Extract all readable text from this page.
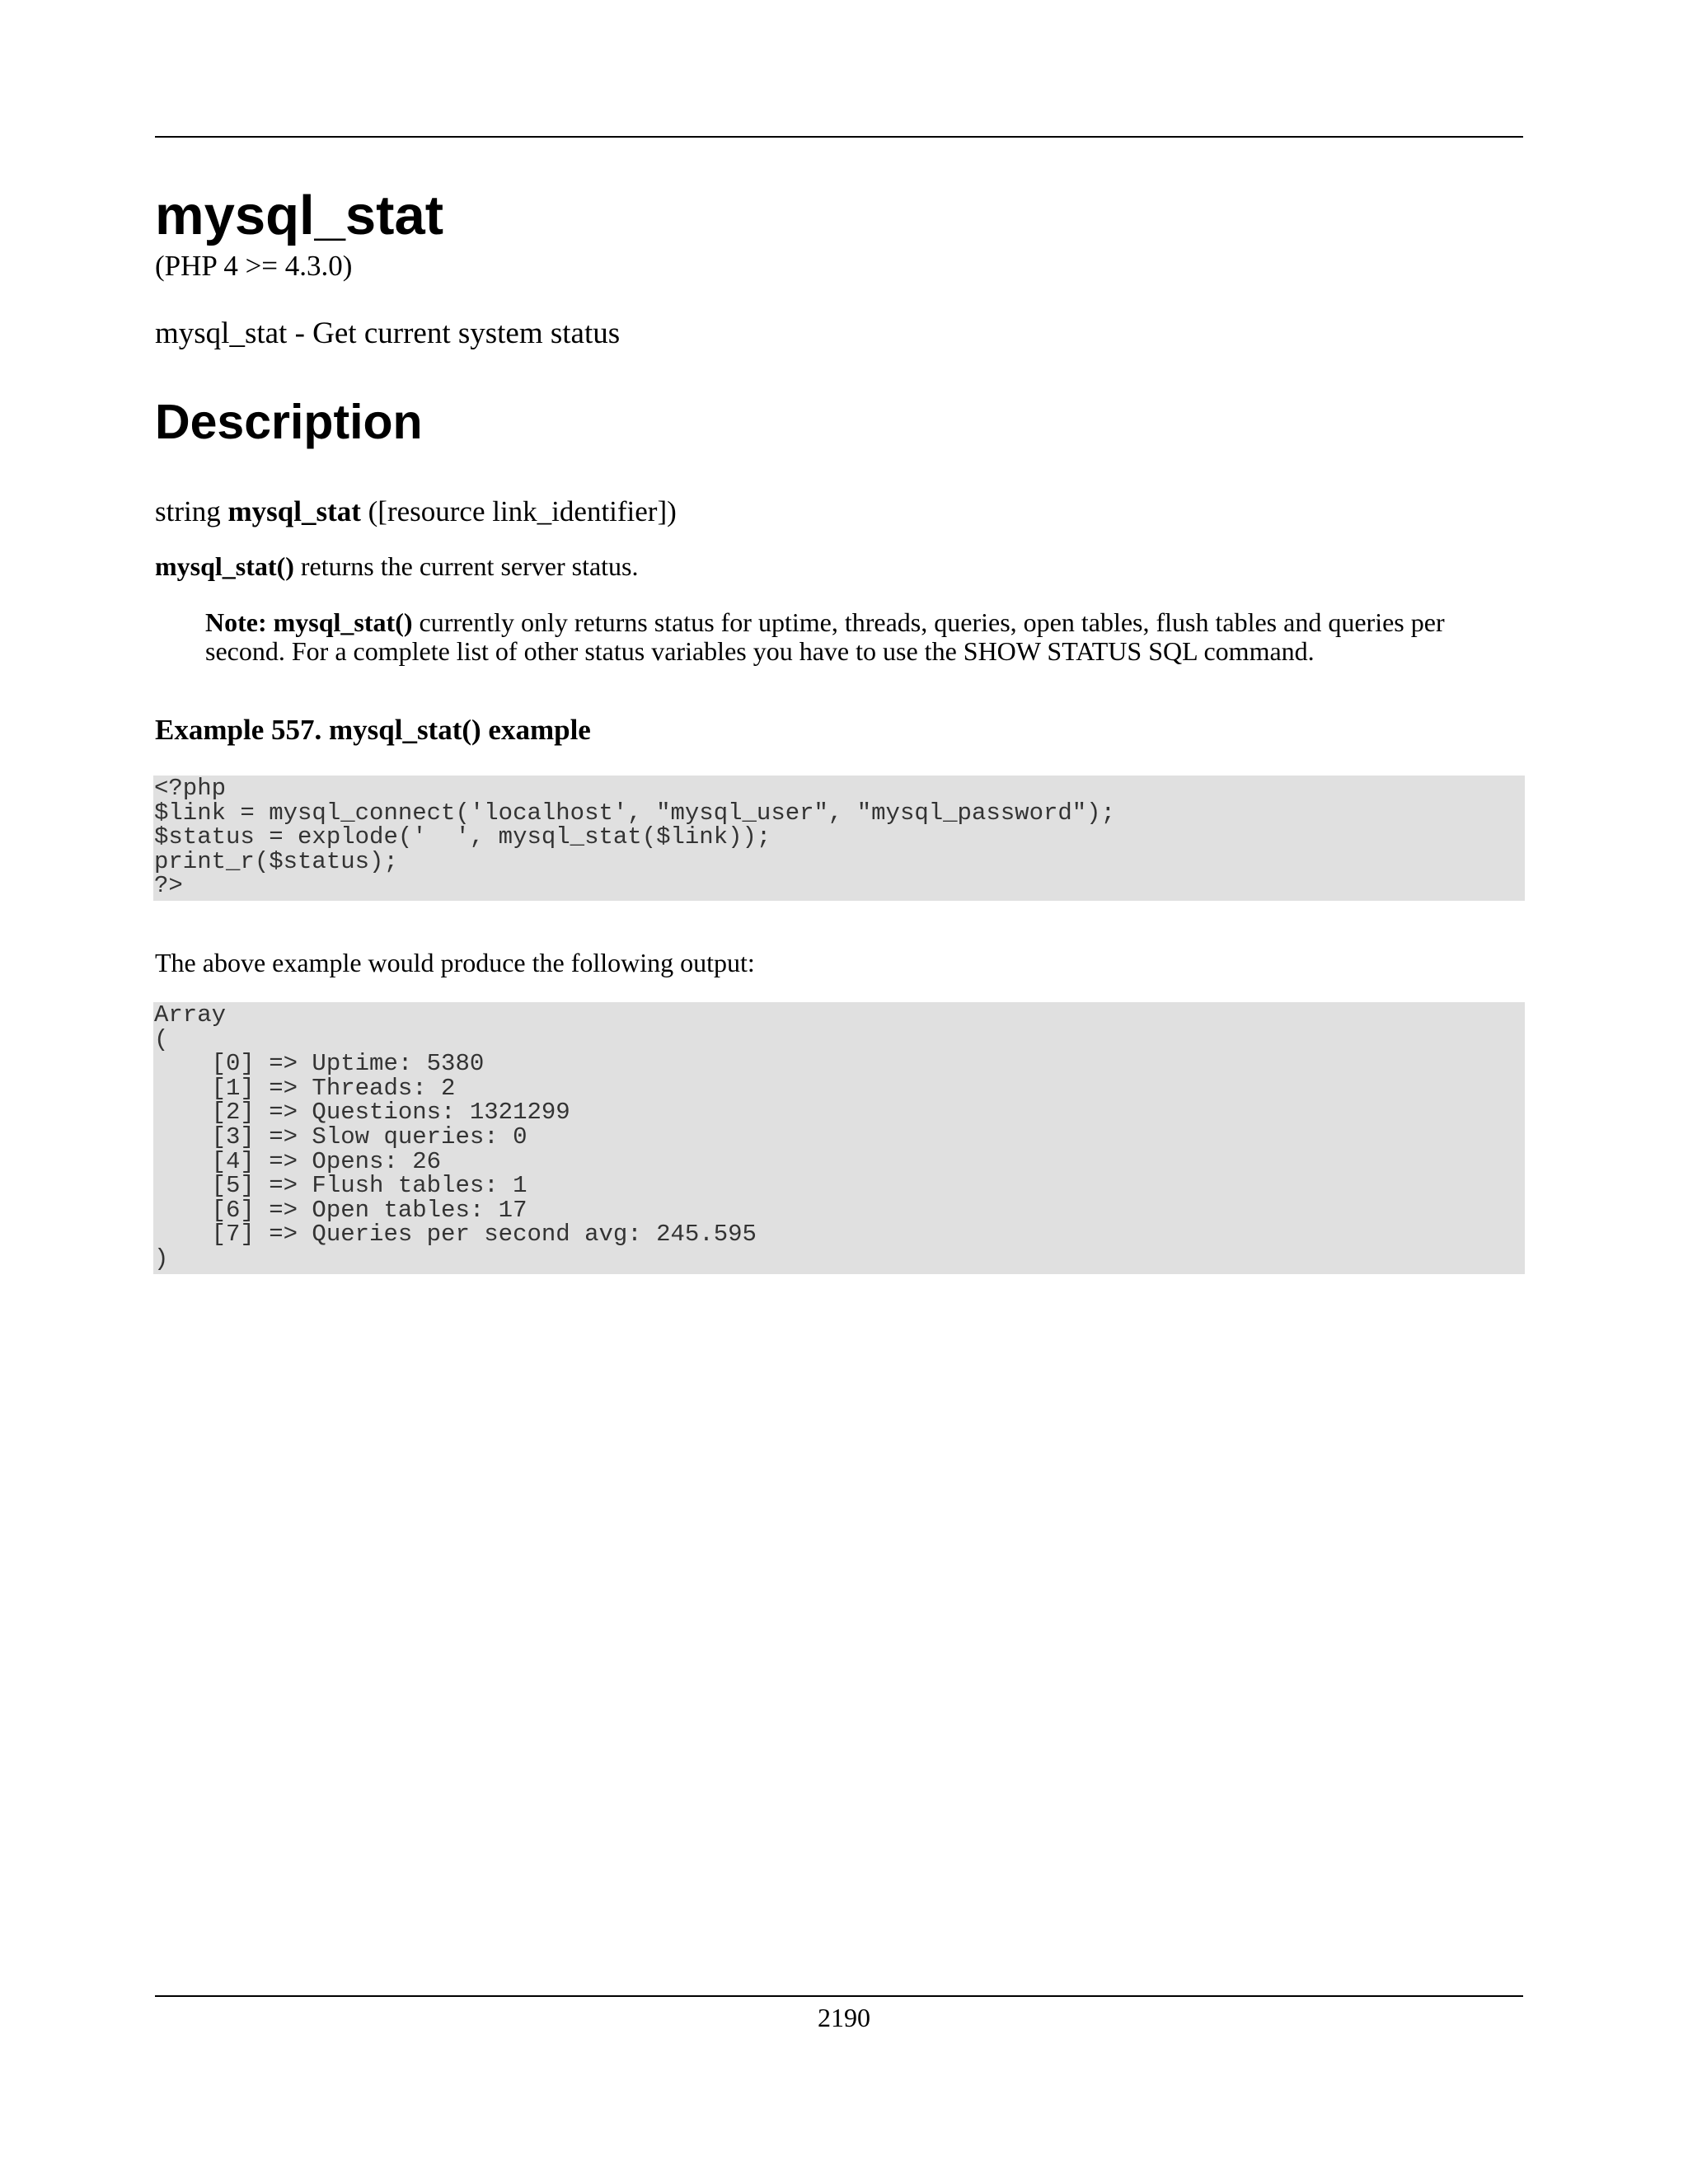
mysql_stat
(PHP 4 >= 4.3.0)
mysql_stat - Get current system status
Description
string mysql_stat ([resource link_identifier])
mysql_stat() returns the current server status.
Note: mysql_stat() currently only returns status for uptime, threads, queries, open tables, flush tables and queries per second. For a complete list of other status variables you have to use the SHOW STATUS SQL command.
Example 557. mysql_stat() example
<?php
$link = mysql_connect('localhost', "mysql_user", "mysql_password");
$status = explode('  ', mysql_stat($link));
print_r($status);
?>
The above example would produce the following output:
Array
(
[0] => Uptime: 5380
[1] => Threads: 2
[2] => Questions: 1321299
[3] => Slow queries: 0
[4] => Opens: 26
[5] => Flush tables: 1
[6] => Open tables: 17
[7] => Queries per second avg: 245.595
)
2190
